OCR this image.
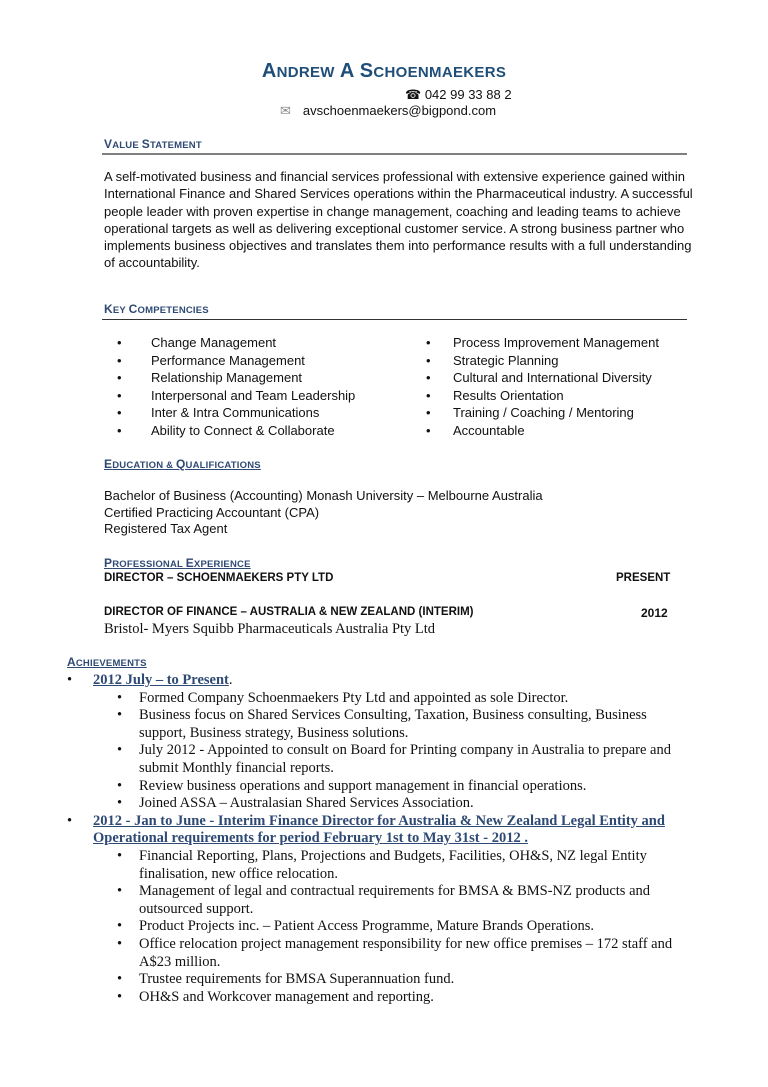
ANDREW A SCHOENMAEKERS
☎ 042 99 33 88 2
✉ avschoenmaekers@bigpond.com
VALUE STATEMENT
A self-motivated business and financial services professional with extensive experience gained within International Finance and Shared Services operations within the Pharmaceutical industry. A successful people leader with proven expertise in change management, coaching and leading teams to achieve operational targets as well as delivering exceptional customer service. A strong business partner who implements business objectives and translates them into performance results with a full understanding of accountability.
KEY COMPETENCIES
• Change Management
• Performance Management
• Relationship Management
• Interpersonal and Team Leadership
• Inter & Intra Communications
• Ability to Connect & Collaborate
• Process Improvement Management
• Strategic Planning
• Cultural and International Diversity
• Results Orientation
• Training / Coaching / Mentoring
• Accountable
EDUCATION & QUALIFICATIONS
Bachelor of Business (Accounting) Monash University – Melbourne Australia
Certified Practicing Accountant (CPA)
Registered Tax Agent
PROFESSIONAL EXPERIENCE
DIRECTOR – SCHOENMAEKERS PTY LTD	PRESENT
DIRECTOR OF FINANCE – AUSTRALIA & NEW ZEALAND (INTERIM)	2012
Bristol- Myers Squibb Pharmaceuticals Australia Pty Ltd
ACHIEVEMENTS
• 2012 July – to Present.
• Formed Company Schoenmaekers Pty Ltd and appointed as sole Director.
• Business focus on Shared Services Consulting, Taxation, Business consulting, Business support, Business strategy, Business solutions.
• July 2012 - Appointed to consult on Board for Printing company in Australia to prepare and submit Monthly financial reports.
• Review business operations and support management in financial operations.
• Joined ASSA – Australasian Shared Services Association.
• 2012 - Jan to June - Interim Finance Director for Australia & New Zealand Legal Entity and Operational requirements for period February 1st to May 31st - 2012 .
• Financial Reporting, Plans, Projections and Budgets, Facilities, OH&S, NZ legal Entity finalisation, new office relocation.
• Management of legal and contractual requirements for BMSA & BMS-NZ products and outsourced support.
• Product Projects inc. – Patient Access Programme, Mature Brands Operations.
• Office relocation project management responsibility for new office premises – 172 staff and A$23 million.
• Trustee requirements for BMSA Superannuation fund.
• OH&S and Workcover management and reporting.
